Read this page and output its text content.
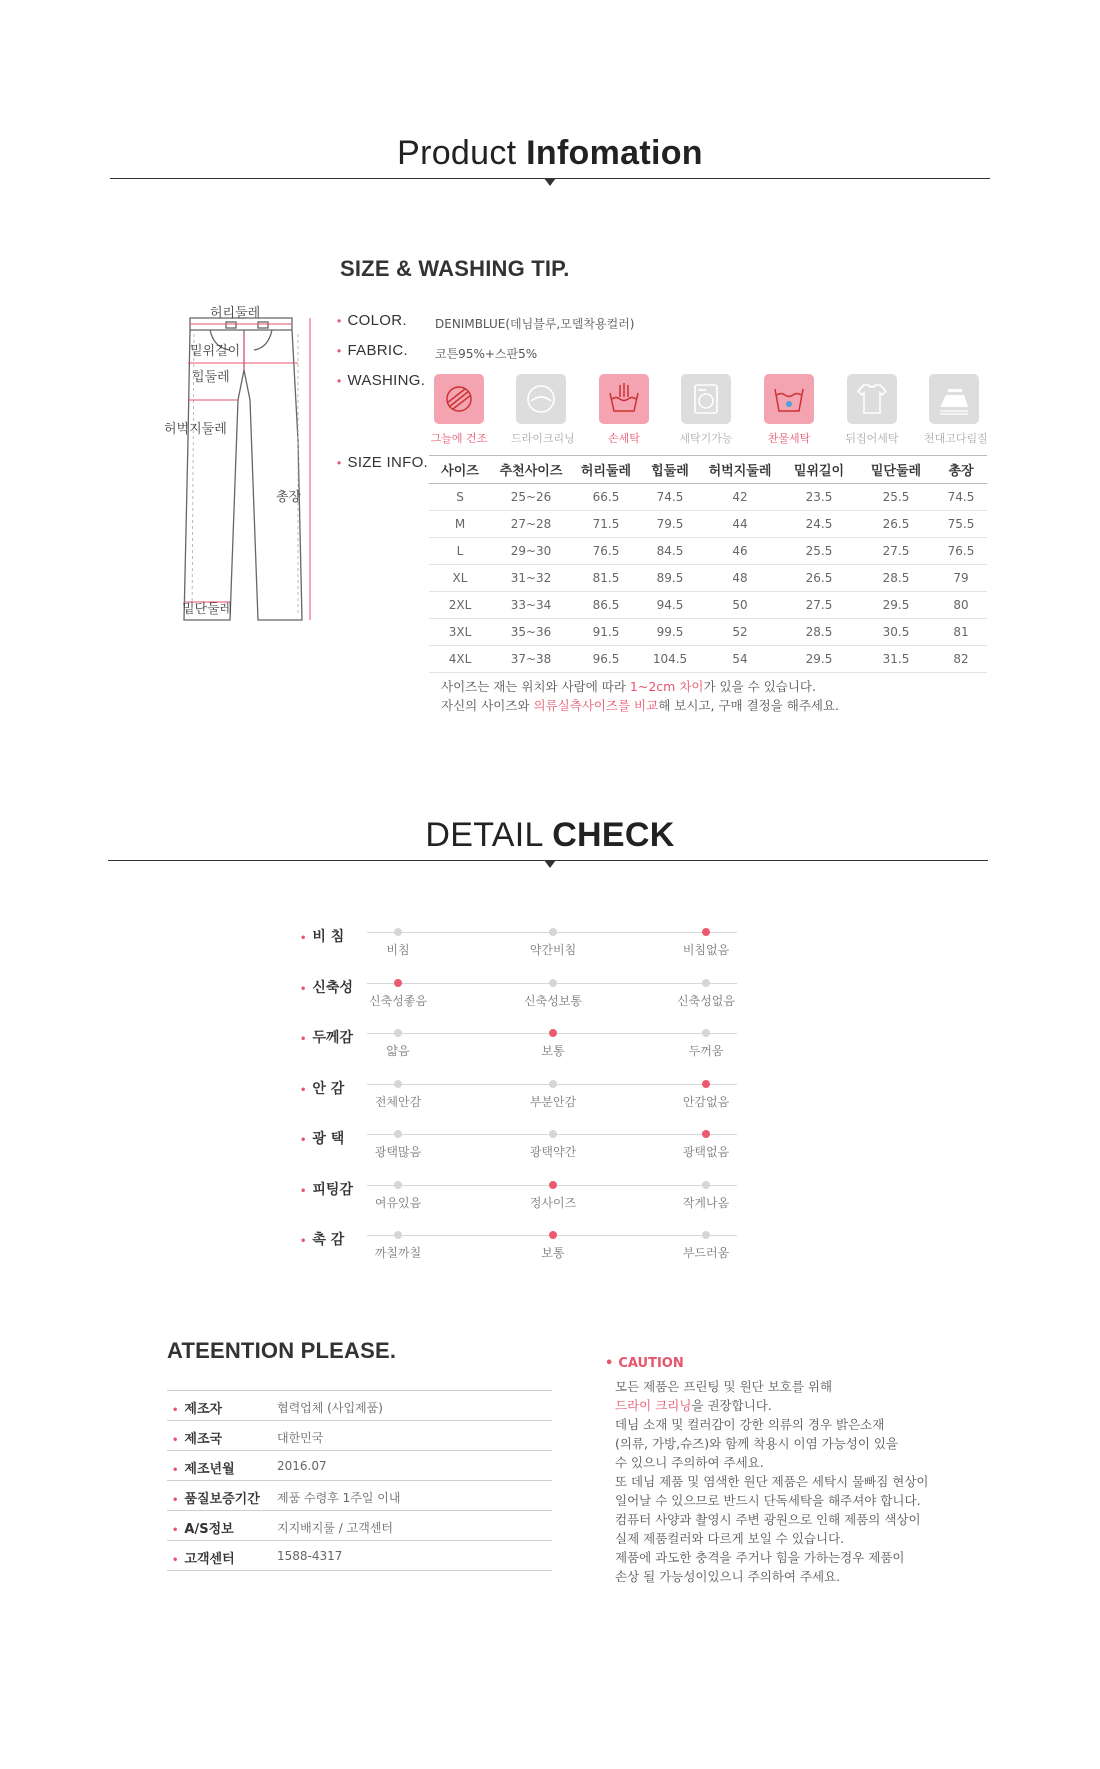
Product Infomation
SIZE & WASHING TIP.
허리둘레
밑위길이
힙둘레
허벅지둘레
총장
밑단둘레
• COLOR. DENIMBLUE(데님블루,모델착용컬러)
• FABRIC. 코튼95%+스판5%
• WASHING.
그늘에 건조 드라이크리닝	손세탁	세탁기가능	찬물세탁	뒤집어세탁	천대고다림질
• SIZE INFO.
사이즈	추천사이즈	허리둘레	힙둘레	허벅지둘레	밑위길이	밑단둘레	총장
S	25~26	66.5	74.5	42	23.5	25.5	74.5
M	27~28	71.5	79.5	44	24.5	26.5	75.5
L	29~30	76.5	84.5	46	25.5	27.5	76.5
XL	31~32	81.5	89.5	48	26.5	28.5	79
2XL	33~34	86.5	94.5	50	27.5	29.5	80
3XL	35~36	91.5	99.5	52	28.5	30.5	81
4XL	37~38	96.5	104.5	54	29.5	31.5	82
사이즈는 재는 위치와 사람에 따라 1~2cm 차이가 있을 수 있습니다.
자신의 사이즈와 의류실측사이즈를 비교해 보시고, 구매 결정을 해주세요.
DETAIL CHECK
• 비 침
비침	약간비침	비침없음
• 신축성
신축성좋음	신축성보통	신축성없음
• 두께감
얇음	보통	두꺼움
• 안 감
전체안감	부분안감	안감없음
• 광 택
광택많음	광택약간	광택없음
• 피팅감
여유있음	정사이즈	작게나옴
• 촉 감
까칠까칠	보통	부드러움
ATEENTION PLEASE.
• 제조자	협력업체 (사입제품)
• 제조국	대한민국
• 제조년월	2016.07
• 품질보증기간 제품 수령후 1주일 이내
• A/S정보	지지배지룰 / 고객센터
• 고객센터	1588-4317
• CAUTION
모든 제품은 프린팅 및 원단 보호를 위해
드라이 크리닝을 권장합니다.
데님 소재 및 컬러감이 강한 의류의 경우 밝은소재
(의류, 가방,슈즈)와 함께 착용시 이염 가능성이 있을
수 있으니 주의하여 주세요.
또 데님 제품 및 염색한 원단 제품은 세탁시 물빠짐 현상이
일어날 수 있으므로 반드시 단독세탁을 해주셔야 합니다.
컴퓨터 사양과 촬영시 주변 광원으로 인해 제품의 색상이
실제 제품컬러와 다르게 보일 수 있습니다.
제품에 과도한 충격을 주거나 힘을 가하는경우 제품이
손상 될 가능성이있으니 주의하여 주세요.
